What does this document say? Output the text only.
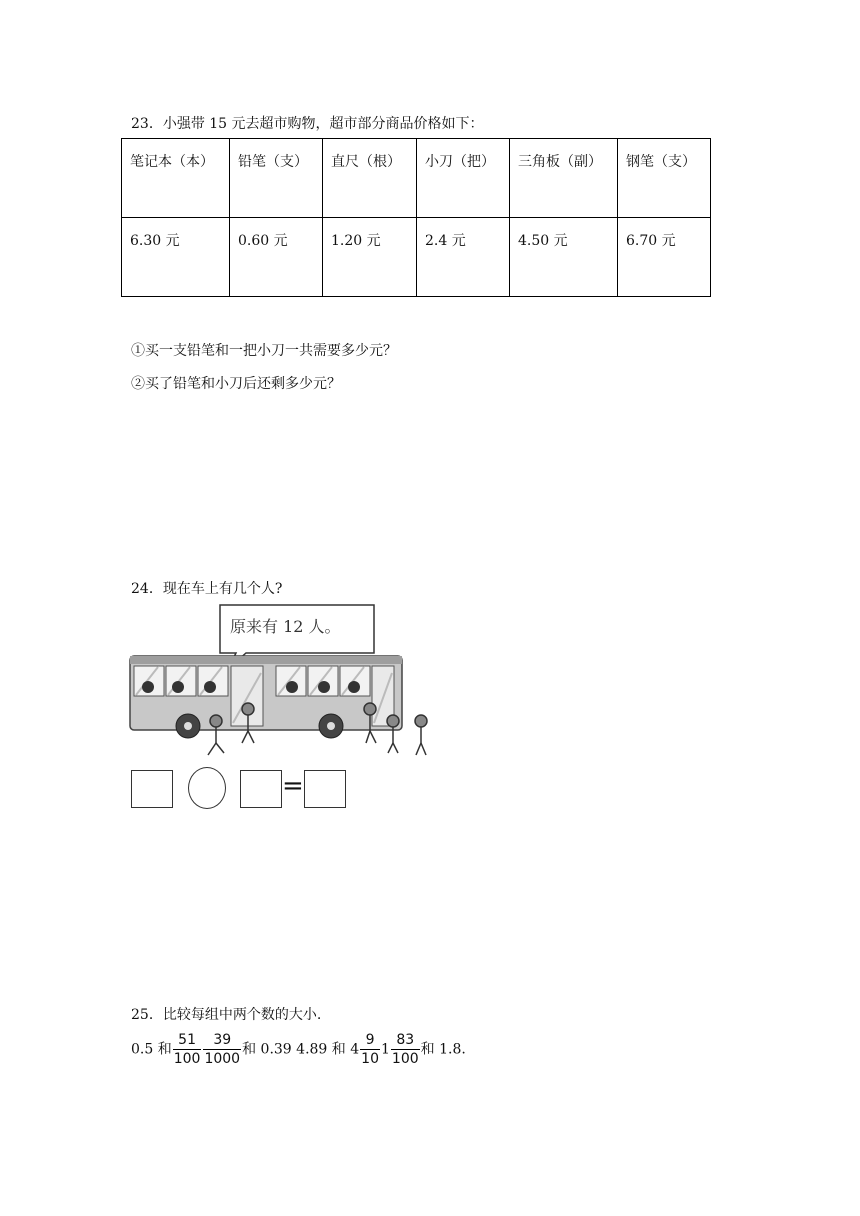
23．小强带 15 元去超市购物，超市部分商品价格如下：
笔记本（本）	铅笔（支）	直尺（根）	小刀（把）	三角板（副）	钢笔（支）
6.30 元	0.60 元	1.20 元	2.4 元	4.50 元	6.70 元
①买一支铅笔和一把小刀一共需要多少元？
②买了铅笔和小刀后还剩多少元？
24．现在车上有几个人?
原来有 12 人。
=
25．比较每组中两个数的大小.
0.5 和 $\frac{51}{100} \frac{39}{1000}$ 和 0.39 4.89 和 $4 \frac{9}{10} 1 \frac{83}{100}$ 和 1.8.
